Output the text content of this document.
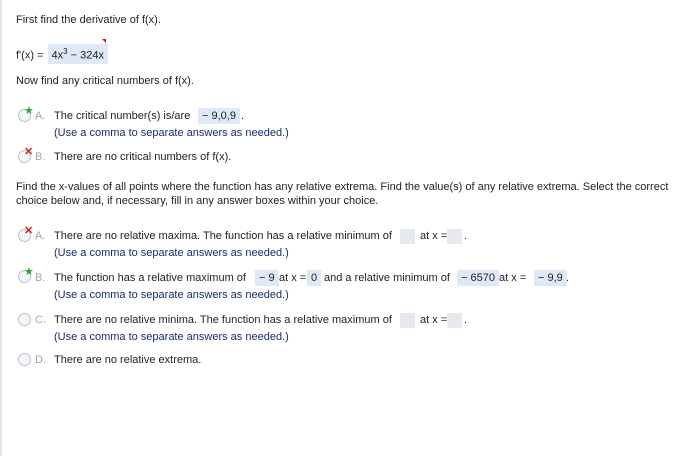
First find the derivative of f(x).
$f'(x) = 4x^3 - 324x$
Now find any critical numbers of f(x).
★ A. The critical number(s) is/are	− 9,0,9 .
(Use a comma to separate answers as needed.)
✕ B. There are no critical numbers of f(x).
Find the x-values of all points where the function has any relative extrema. Find the value(s) of any relative extrema. Select the correct choice below and, if necessary, fill in any answer boxes within your choice.
✕ A. There are no relative maxima. The function has a relative minimum of	at x = .
(Use a comma to separate answers as needed.)
★ B. The function has a relative maximum of	− 9 at x = 0 and a relative minimum of	− 6570 at x =	− 9,9 .
(Use a comma to separate answers as needed.)
C. There are no relative minima. The function has a relative maximum of	at x = .
(Use a comma to separate answers as needed.)
D. There are no relative extrema.
